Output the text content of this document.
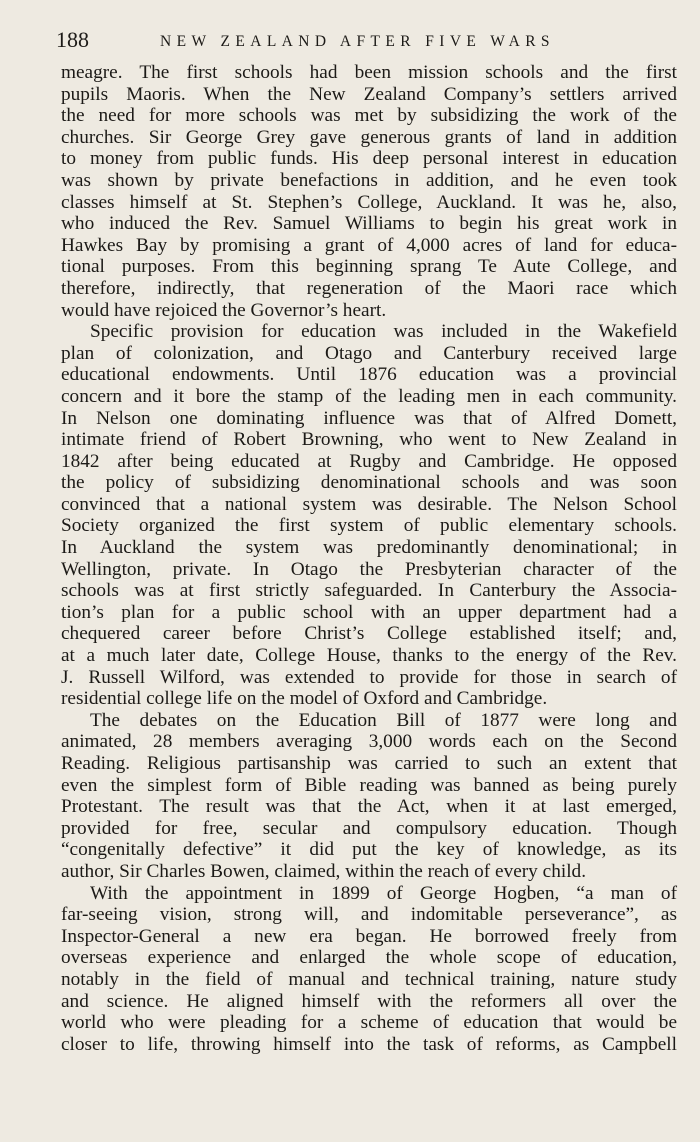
188	NEW ZEALAND AFTER FIVE WARS
meagre. The first schools had been mission schools and the first
pupils Maoris. When the New Zealand Company’s settlers arrived
the need for more schools was met by subsidizing the work of the
churches. Sir George Grey gave generous grants of land in addition
to money from public funds. His deep personal interest in education
was shown by private benefactions in addition, and he even took
classes himself at St. Stephen’s College, Auckland. It was he, also,
who induced the Rev. Samuel Williams to begin his great work in
Hawkes Bay by promising a grant of 4,000 acres of land for educa-
tional purposes. From this beginning sprang Te Aute College, and
therefore, indirectly, that regeneration of the Maori race which
would have rejoiced the Governor’s heart.
Specific provision for education was included in the Wakefield
plan of colonization, and Otago and Canterbury received large
educational endowments. Until 1876 education was a provincial
concern and it bore the stamp of the leading men in each community.
In Nelson one dominating influence was that of Alfred Domett,
intimate friend of Robert Browning, who went to New Zealand in
1842 after being educated at Rugby and Cambridge. He opposed
the policy of subsidizing denominational schools and was soon
convinced that a national system was desirable. The Nelson School
Society organized the first system of public elementary schools.
In Auckland the system was predominantly denominational; in
Wellington, private. In Otago the Presbyterian character of the
schools was at first strictly safeguarded. In Canterbury the Associa-
tion’s plan for a public school with an upper department had a
chequered career before Christ’s College established itself; and,
at a much later date, College House, thanks to the energy of the Rev.
J. Russell Wilford, was extended to provide for those in search of
residential college life on the model of Oxford and Cambridge.
The debates on the Education Bill of 1877 were long and
animated, 28 members averaging 3,000 words each on the Second
Reading. Religious partisanship was carried to such an extent that
even the simplest form of Bible reading was banned as being purely
Protestant. The result was that the Act, when it at last emerged,
provided for free, secular and compulsory education. Though
“congenitally defective” it did put the key of knowledge, as its
author, Sir Charles Bowen, claimed, within the reach of every child.
With the appointment in 1899 of George Hogben, “a man of
far-seeing vision, strong will, and indomitable perseverance”, as
Inspector-General a new era began. He borrowed freely from
overseas experience and enlarged the whole scope of education,
notably in the field of manual and technical training, nature study
and science. He aligned himself with the reformers all over the
world who were pleading for a scheme of education that would be
closer to life, throwing himself into the task of reforms, as Campbell
